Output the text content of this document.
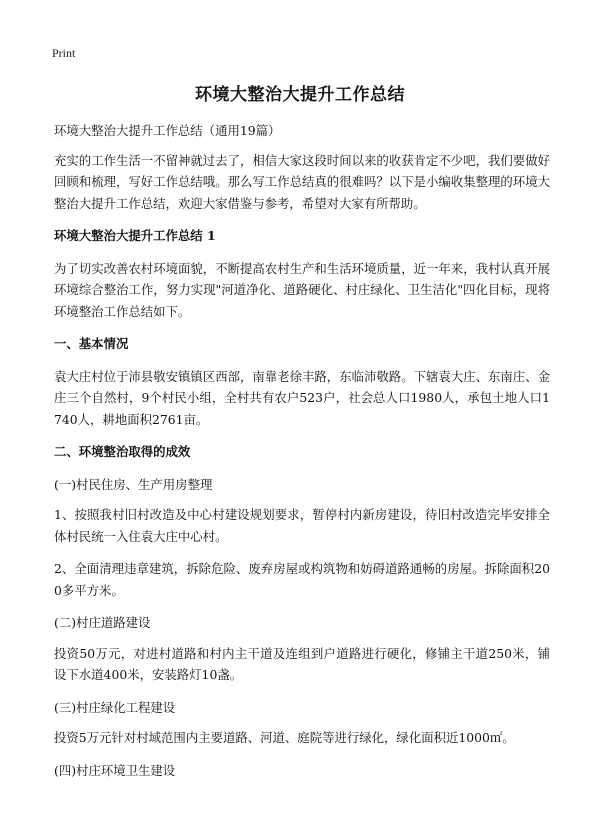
Print
环境大整治大提升工作总结

环境大整治大提升工作总结（通用19篇）

充实的工作生活一不留神就过去了，相信大家这段时间以来的收获肯定不少吧，我们要做好回顾和梳理，写好工作总结哦。那么写工作总结真的很难吗？以下是小编收集整理的环境大整治大提升工作总结，欢迎大家借鉴与参考，希望对大家有所帮助。

环境大整治大提升工作总结 1

为了切实改善农村环境面貌，不断提高农村生产和生活环境质量，近一年来，我村认真开展环境综合整治工作，努力实现"河道净化、道路硬化、村庄绿化、卫生洁化"四化目标，现将环境整治工作总结如下。

一、基本情况

袁大庄村位于沛县敬安镇镇区西部，南靠老徐丰路，东临沛敬路。下辖袁大庄、东南庄、金庄三个自然村，9个村民小组，全村共有农户523户，社会总人口1980人，承包土地人口1740人，耕地面积2761亩。

二、环境整治取得的成效

(一)村民住房、生产用房整理

1、按照我村旧村改造及中心村建设规划要求，暂停村内新房建设，待旧村改造完毕安排全体村民统一入住袁大庄中心村。

2、全面清理违章建筑，拆除危险、废弃房屋或构筑物和妨碍道路通畅的房屋。拆除面积200多平方米。

(二)村庄道路建设

投资50万元，对进村道路和村内主干道及连组到户道路进行硬化，修铺主干道250米，铺设下水道400米，安装路灯10盏。

(三)村庄绿化工程建设

投资5万元针对村域范围内主要道路、河道、庭院等进行绿化，绿化面积近1000㎡。

(四)村庄环境卫生建设
